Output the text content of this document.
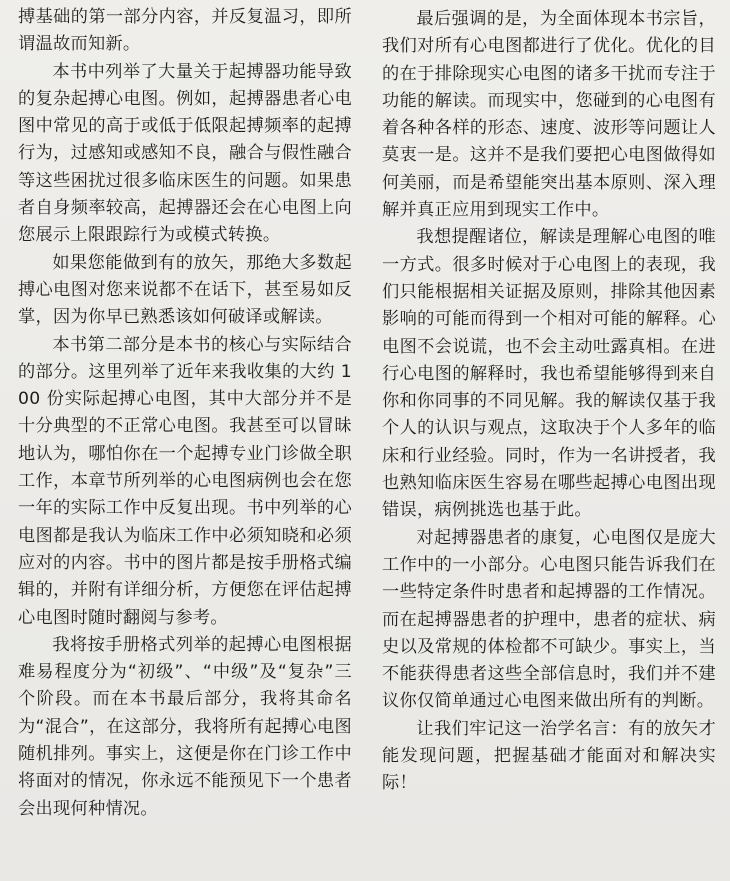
搏基础的第一部分内容，并反复温习，即所谓温故而知新。

本书中列举了大量关于起搏器功能导致的复杂起搏心电图。例如，起搏器患者心电图中常见的高于或低于低限起搏频率的起搏行为，过感知或感知不良，融合与假性融合等这些困扰过很多临床医生的问题。如果患者自身频率较高，起搏器还会在心电图上向您展示上限跟踪行为或模式转换。

如果您能做到有的放矢，那绝大多数起搏心电图对您来说都不在话下，甚至易如反掌，因为你早已熟悉该如何破译或解读。

本书第二部分是本书的核心与实际结合的部分。这里列举了近年来我收集的大约 100 份实际起搏心电图，其中大部分并不是十分典型的不正常心电图。我甚至可以冒昧地认为，哪怕你在一个起搏专业门诊做全职工作，本章节所列举的心电图病例也会在您一年的实际工作中反复出现。书中列举的心电图都是我认为临床工作中必须知晓和必须应对的内容。书中的图片都是按手册格式编辑的，并附有详细分析，方便您在评估起搏心电图时随时翻阅与参考。

我将按手册格式列举的起搏心电图根据难易程度分为“初级”、“中级”及“复杂”三个阶段。而在本书最后部分，我将其命名为“混合”，在这部分，我将所有起搏心电图随机排列。事实上，这便是你在门诊工作中将面对的情况，你永远不能预见下一个患者会出现何种情况。

最后强调的是，为全面体现本书宗旨，我们对所有心电图都进行了优化。优化的目的在于排除现实心电图的诸多干扰而专注于功能的解读。而现实中，您碰到的心电图有着各种各样的形态、速度、波形等问题让人莫衷一是。这并不是我们要把心电图做得如何美丽，而是希望能突出基本原则、深入理解并真正应用到现实工作中。

我想提醒诸位，解读是理解心电图的唯一方式。很多时候对于心电图上的表现，我们只能根据相关证据及原则，排除其他因素影响的可能而得到一个相对可能的解释。心电图不会说谎，也不会主动吐露真相。在进行心电图的解释时，我也希望能够得到来自你和你同事的不同见解。我的解读仅基于我个人的认识与观点，这取决于个人多年的临床和行业经验。同时，作为一名讲授者，我也熟知临床医生容易在哪些起搏心电图出现错误，病例挑选也基于此。

对起搏器患者的康复，心电图仅是庞大工作中的一小部分。心电图只能告诉我们在一些特定条件时患者和起搏器的工作情况。而在起搏器患者的护理中，患者的症状、病史以及常规的体检都不可缺少。事实上，当不能获得患者这些全部信息时，我们并不建议你仅简单通过心电图来做出所有的判断。

让我们牢记这一治学名言：有的放矢才能发现问题，把握基础才能面对和解决实际！
